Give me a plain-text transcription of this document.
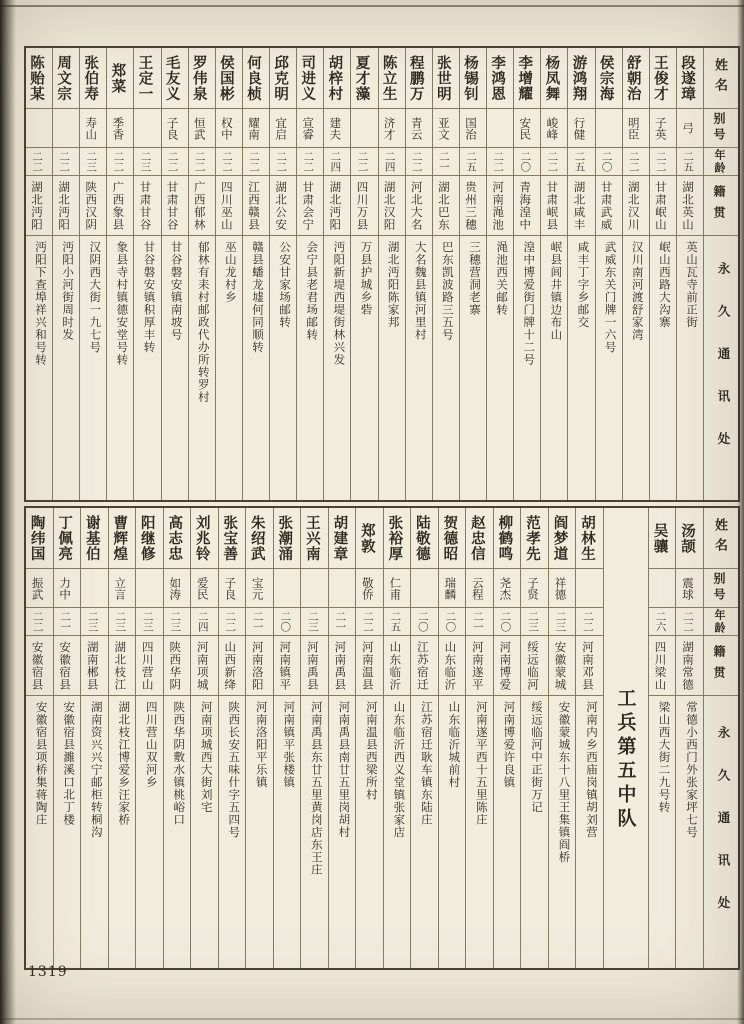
姓名
别号
年龄
籍贯
永久通讯处
段遂璋
弓
二五
湖北英山
英山瓦寺前正街
王俊才
子英
二二
甘肃岷山
岷山西路大沟寨
舒朝治
明臣
二二
湖北汉川
汉川南河渡舒家湾
侯宗海
二〇
甘肃武威
武威东关门牌一六号
游鸿翔
行健
二五
湖北咸丰
咸丰丁字乡邮交
杨凤舞
峻峰
二二
甘肃岷县
岷县闾井镇边布山
李增耀
安民
二〇
青海湟中
湟中博爱街门牌十二号
李鸿恩
二二
河南渑池
渑池西关邮转
杨锡钊
国治
二五
贵州三穗
三穗营洞老寨
张世明
亚文
二一
湖北巴东
巴东凯波路三五号
程鹏万
青云
二二
河北大名
大名魏县镇河里村
陈立生
济才
二四
湖北汉阳
湖北沔阳陈家邦
夏才藻
二二
四川万县
万县护城乡砦
胡梓村
建夫
二四
湖北沔阳
沔阳新堤西堤街林兴发
司进义
宣睿
二二
甘肃会宁
会宁县老君场邮转
邱克明
宜启
二二
湖北公安
公安甘家场邮转
何良桢
耀南
二二
江西赣县
赣县蟠龙墟何同顺转
侯国彬
权中
二二
四川巫山
巫山龙村乡
罗伟泉
恒武
二二
广西郁林
郁林有耒村邮政代办所转罗村
毛友义
子良
二二
甘肃甘谷
甘谷磐安镇南坡号
王定一
二三
甘肃甘谷
甘谷磐安镇积厚丰转
郑菜
季香
二二
广西象县
象县寺村镇德安堂号转
张伯寿
寿山
二三
陕西汉阴
汉阴西大街一九七号
周文宗
二二
湖北沔阳
沔阳小河街周时发
陈贻某
二二
湖北沔阳
沔阳下查埠祥兴和号转
姓名
别号
年龄
籍贯
永久通讯处
汤颉
震球
二二
湖南常德
常德小西门外张家坪七号
吴骧
二六
四川梁山
梁山西大街二九号转
工兵第五中队
胡林生
二二
河南邓县
河南内乡西庙岗镇胡刘营
阎梦道
祥德
二三
安徽蒙城
安徽蒙城东十八里王集镇阎桥
范孝先
子贤
二三
绥远临河
绥远临河中正街万记
柳鹤鸣
尧杰
二〇
河南博爱
河南博爱许良镇
赵忠信
云程
二一
河南遂平
河南遂平西十五里陈庄
贺德昭
瑞麟
二〇
山东临沂
山东临沂城前村
陆敬德
二〇
江苏宿迁
江苏宿迁耿车镇东陆庄
张裕厚
仁甫
二五
山东临沂
山东临沂西义堂镇张家店
郑敦
敬侨
二二
河南温县
河南温县西梁所村
胡建章
二一
河南禹县
河南禹县南廿五里岗胡村
王兴南
二三
河南禹县
河南禹县东廿五里黄岗店东王庄
张潮涌
二〇
河南镇平
河南镇平张楼镇
朱绍武
宝元
二一
河南洛阳
河南洛阳平乐镇
张宝善
子良
二二
山西新绛
陕西长安五味什字五四号
刘兆铃
爱民
二四
河南项城
河南项城西大街刘宅
高志忠
如涛
二三
陕西华阴
陕西华阴敷水镇桃峪口
阳继修
二三
四川营山
四川营山双河乡
曹辉煌
立言
二三
湖北枝江
湖北枝江博爱乡汪家桥
谢基伯
二三
湖南郴县
湖南资兴兴宁邮柜转桐沟
丁佩亮
力中
二一
安徽宿县
安徽宿县濉溪口北丁楼
陶纬国
振武
二二
安徽宿县
安徽宿县项桥集蒋陶庄
1319
